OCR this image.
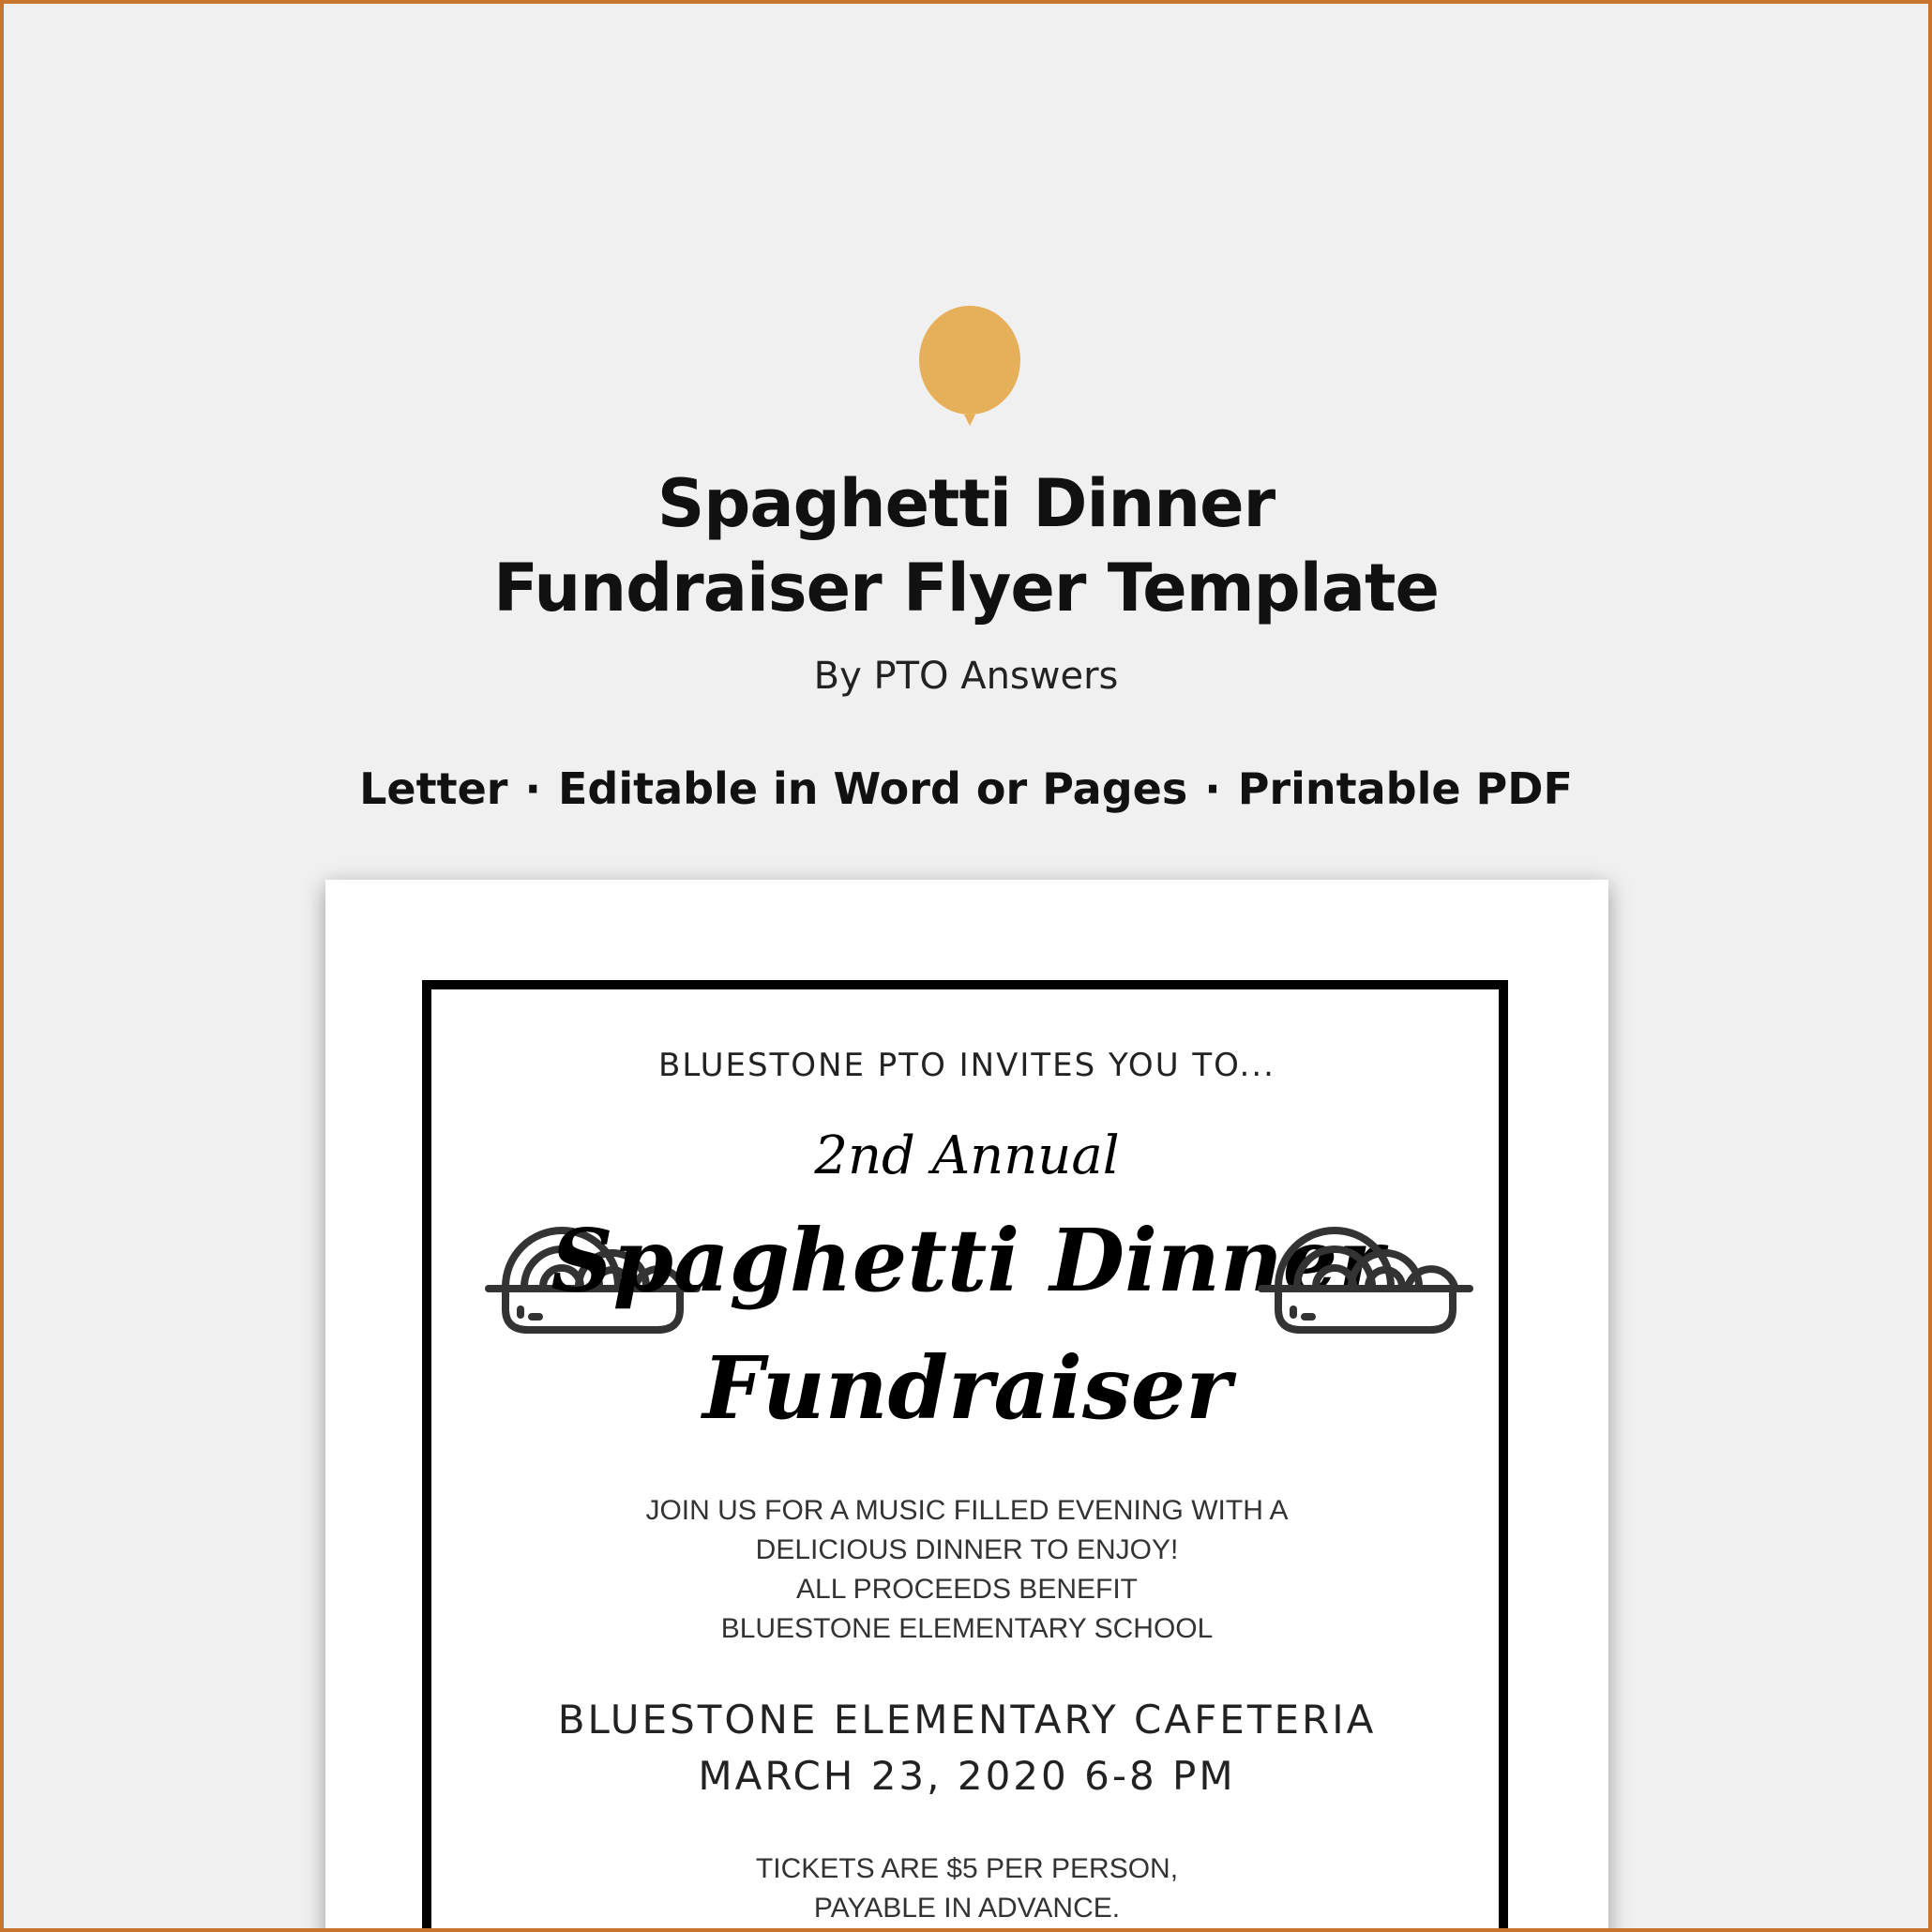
Spaghetti Dinner
Fundraiser Flyer Template
By PTO Answers
Letter · Editable in Word or Pages · Printable PDF
BLUESTONE PTO INVITES YOU TO...
2nd Annual
Spaghetti Dinner
Fundraiser
JOIN US FOR A MUSIC FILLED EVENING WITH A
DELICIOUS DINNER TO ENJOY!
ALL PROCEEDS BENEFIT
BLUESTONE ELEMENTARY SCHOOL
BLUESTONE ELEMENTARY CAFETERIA
MARCH 23, 2020 6-8 PM
TICKETS ARE $5 PER PERSON,
PAYABLE IN ADVANCE.
